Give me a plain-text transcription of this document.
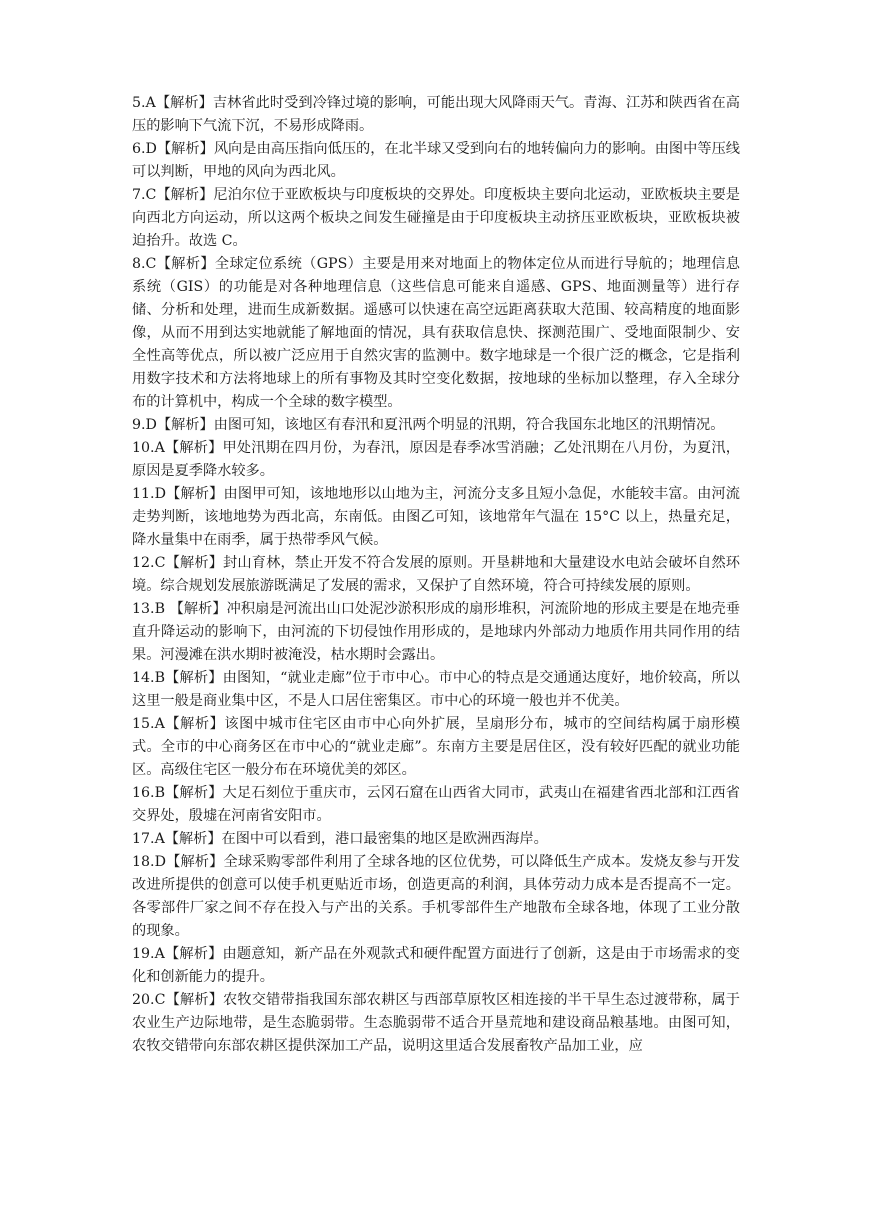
5.A【解析】吉林省此时受到冷锋过境的影响，可能出现大风降雨天气。青海、江苏和陕西省在高压的影响下气流下沉，不易形成降雨。

6.D【解析】风向是由高压指向低压的，在北半球又受到向右的地转偏向力的影响。由图中等压线可以判断，甲地的风向为西北风。

7.C【解析】尼泊尔位于亚欧板块与印度板块的交界处。印度板块主要向北运动，亚欧板块主要是向西北方向运动，所以这两个板块之间发生碰撞是由于印度板块主动挤压亚欧板块，亚欧板块被迫抬升。故选 C。

8.C【解析】全球定位系统（GPS）主要是用来对地面上的物体定位从而进行导航的；地理信息系统（GIS）的功能是对各种地理信息（这些信息可能来自遥感、GPS、地面测量等）进行存储、分析和处理，进而生成新数据。遥感可以快速在高空远距离获取大范围、较高精度的地面影像，从而不用到达实地就能了解地面的情况，具有获取信息快、探测范围广、受地面限制少、安全性高等优点，所以被广泛应用于自然灾害的监测中。数字地球是一个很广泛的概念，它是指利用数字技术和方法将地球上的所有事物及其时空变化数据，按地球的坐标加以整理，存入全球分布的计算机中，构成一个全球的数字模型。

9.D【解析】由图可知，该地区有春汛和夏汛两个明显的汛期，符合我国东北地区的汛期情况。

10.A【解析】甲处汛期在四月份，为春汛，原因是春季冰雪消融；乙处汛期在八月份，为夏汛，原因是夏季降水较多。

11.D【解析】由图甲可知，该地地形以山地为主，河流分支多且短小急促，水能较丰富。由河流走势判断，该地地势为西北高，东南低。由图乙可知，该地常年气温在 15°C 以上，热量充足，降水量集中在雨季，属于热带季风气候。

12.C【解析】封山育林，禁止开发不符合发展的原则。开垦耕地和大量建设水电站会破坏自然环境。综合规划发展旅游既满足了发展的需求，又保护了自然环境，符合可持续发展的原则。

13.B 【解析】冲积扇是河流出山口处泥沙淤积形成的扇形堆积，河流阶地的形成主要是在地壳垂直升降运动的影响下，由河流的下切侵蚀作用形成的，是地球内外部动力地质作用共同作用的结果。河漫滩在洪水期时被淹没，枯水期时会露出。

14.B【解析】由图知，“就业走廊”位于市中心。市中心的特点是交通通达度好，地价较高，所以这里一般是商业集中区，不是人口居住密集区。市中心的环境一般也并不优美。

15.A【解析】该图中城市住宅区由市中心向外扩展，呈扇形分布，城市的空间结构属于扇形模式。全市的中心商务区在市中心的“就业走廊”。东南方主要是居住区，没有较好匹配的就业功能区。高级住宅区一般分布在环境优美的郊区。

16.B【解析】大足石刻位于重庆市，云冈石窟在山西省大同市，武夷山在福建省西北部和江西省交界处，殷墟在河南省安阳市。

17.A【解析】在图中可以看到，港口最密集的地区是欧洲西海岸。

18.D【解析】全球采购零部件利用了全球各地的区位优势，可以降低生产成本。发烧友参与开发改进所提供的创意可以使手机更贴近市场，创造更高的利润，具体劳动力成本是否提高不一定。各零部件厂家之间不存在投入与产出的关系。手机零部件生产地散布全球各地，体现了工业分散的现象。

19.A【解析】由题意知，新产品在外观款式和硬件配置方面进行了创新，这是由于市场需求的变化和创新能力的提升。

20.C【解析】农牧交错带指我国东部农耕区与西部草原牧区相连接的半干旱生态过渡带称，属于农业生产边际地带，是生态脆弱带。生态脆弱带不适合开垦荒地和建设商品粮基地。由图可知，农牧交错带向东部农耕区提供深加工产品，说明这里适合发展畜牧产品加工业，应
